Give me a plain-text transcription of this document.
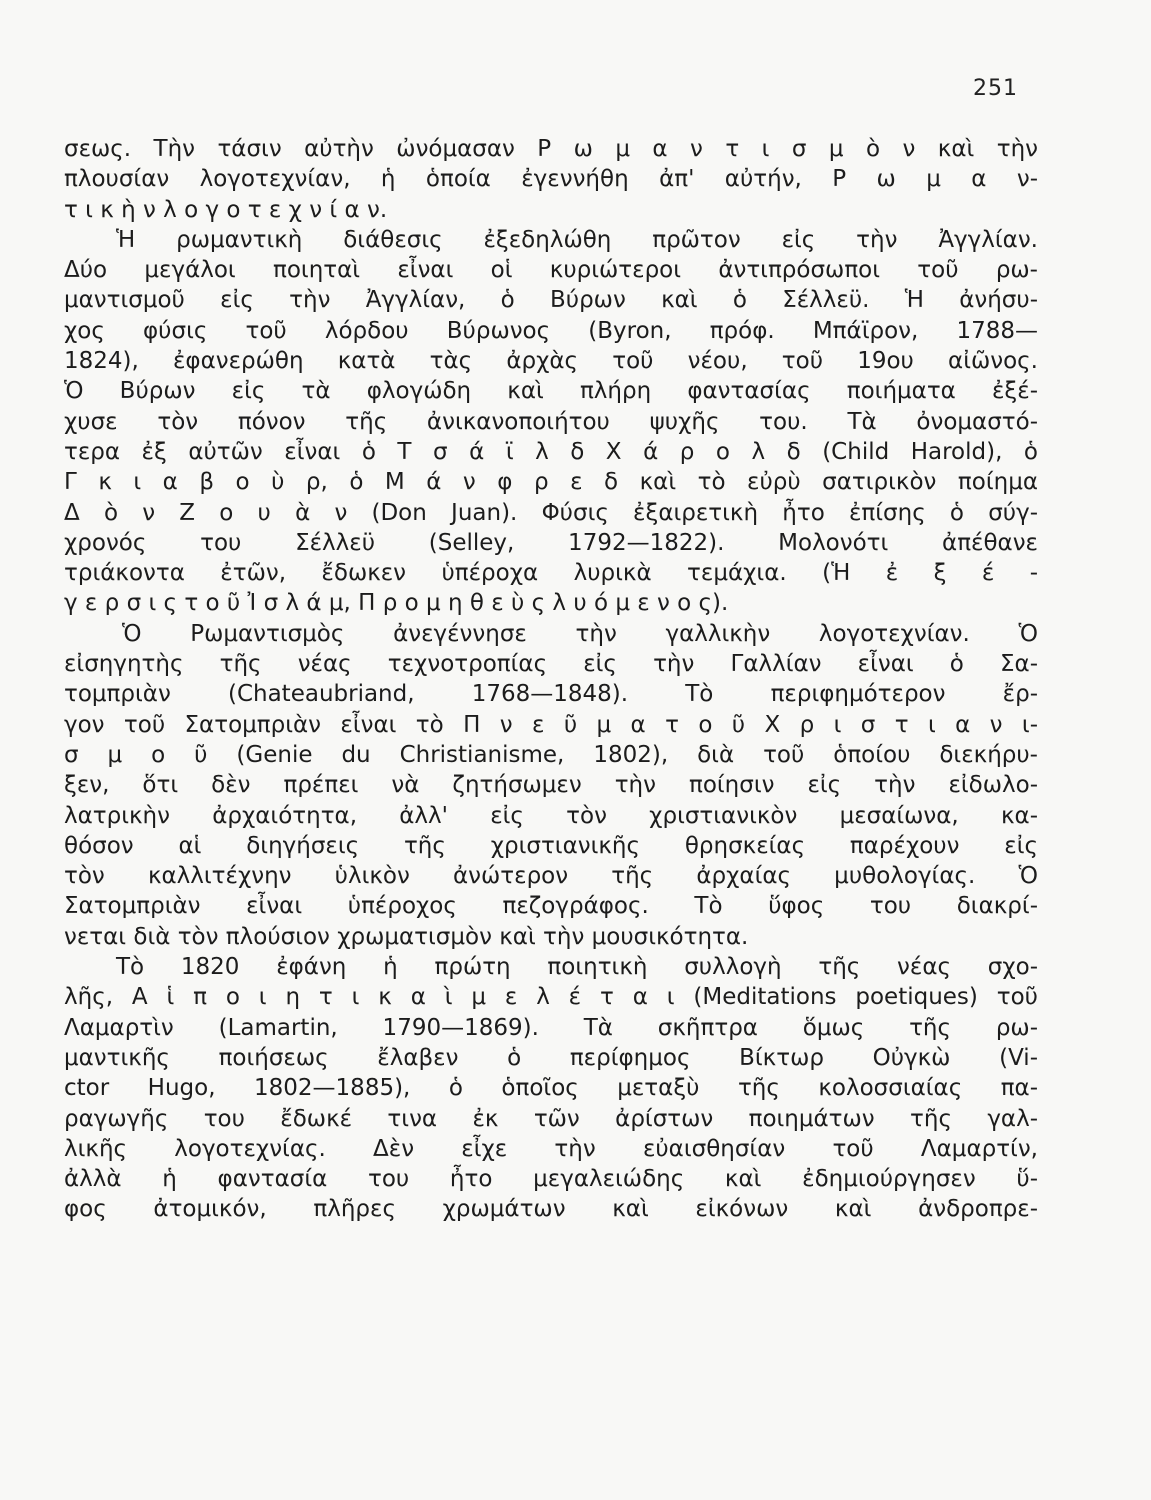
251
σεως. Τὴν τάσιν αὐτὴν ὠνόμασαν Ρ ω μ α ν τ ι σ μ ὸ ν καὶ τὴν
πλουσίαν λογοτεχνίαν, ἡ ὁποία ἐγεννήθη ἀπ' αὐτήν, Ρ ω μ α ν-
τ ι κ ὴ ν λ ο γ ο τ ε χ ν ί α ν.
Ἡ ρωμαντικὴ διάθεσις ἐξεδηλώθη πρῶτον εἰς τὴν Ἀγγλίαν.
Δύο μεγάλοι ποιηταὶ εἶναι οἱ κυριώτεροι ἀντιπρόσωποι τοῦ ρω-
μαντισμοῦ εἰς τὴν Ἀγγλίαν, ὁ Βύρων καὶ ὁ Σέλλεϋ. Ἡ ἀνήσυ-
χος φύσις τοῦ λόρδου Βύρωνος (Byron, πρόφ. Μπάϊρον, 1788—
1824), ἐφανερώθη κατὰ τὰς ἀρχὰς τοῦ νέου, τοῦ 19ου αἰῶνος.
Ὁ Βύρων εἰς τὰ φλογώδη καὶ πλήρη φαντασίας ποιήματα ἐξέ-
χυσε τὸν πόνον τῆς ἀνικανοποιήτου ψυχῆς του. Τὰ ὀνομαστό-
τερα ἐξ αὐτῶν εἶναι ὁ Τ σ ά ϊ λ δ Χ ά ρ ο λ δ (Child Harold), ὁ
Γ κ ι α β ο ὺ ρ, ὁ Μ ά ν φ ρ ε δ καὶ τὸ εὐρὺ σατιρικὸν ποίημα
Δ ὸ ν Ζ ο υ ὰ ν (Don Juan). Φύσις ἐξαιρετικὴ ἦτο ἐπίσης ὁ σύγ-
χρονός του Σέλλεϋ (Selley, 1792—1822). Μολονότι ἀπέθανε
τριάκοντα ἐτῶν, ἔδωκεν ὑπέροχα λυρικὰ τεμάχια. (Ἡ ἐ ξ έ -
γ ε ρ σ ι ς τ ο ῦ Ἰ σ λ ά μ, Π ρ ο μ η θ ε ὺ ς λ υ ό μ ε ν ο ς).
Ὁ Ρωμαντισμὸς ἀνεγέννησε τὴν γαλλικὴν λογοτεχνίαν. Ὁ
εἰσηγητὴς τῆς νέας τεχνοτροπίας εἰς τὴν Γαλλίαν εἶναι ὁ Σα-
τομπριὰν (Chateaubriand, 1768—1848). Τὸ περιφημότερον ἔρ-
γον τοῦ Σατομπριὰν εἶναι τὸ Π ν ε ῦ μ α τ ο ῦ Χ ρ ι σ τ ι α ν ι-
σ μ ο ῦ (Genie du Christianisme, 1802), διὰ τοῦ ὁποίου διεκήρυ-
ξεν, ὅτι δὲν πρέπει νὰ ζητήσωμεν τὴν ποίησιν εἰς τὴν εἰδωλο-
λατρικὴν ἀρχαιότητα, ἀλλ' εἰς τὸν χριστιανικὸν μεσαίωνα, κα-
θόσον αἱ διηγήσεις τῆς χριστιανικῆς θρησκείας παρέχουν εἰς
τὸν καλλιτέχνην ὑλικὸν ἀνώτερον τῆς ἀρχαίας μυθολογίας. Ὁ
Σατομπριὰν εἶναι ὑπέροχος πεζογράφος. Τὸ ὕφος του διακρί-
νεται διὰ τὸν πλούσιον χρωματισμὸν καὶ τὴν μουσικότητα.
Τὸ 1820 ἐφάνη ἡ πρώτη ποιητικὴ συλλογὴ τῆς νέας σχο-
λῆς, Α ἱ π ο ι η τ ι κ α ὶ μ ε λ έ τ α ι (Meditations poetiques) τοῦ
Λαμαρτὶν (Lamartin, 1790—1869). Τὰ σκῆπτρα ὅμως τῆς ρω-
μαντικῆς ποιήσεως ἔλαβεν ὁ περίφημος Βίκτωρ Οὐγκὼ (Vi-
ctor Hugo, 1802—1885), ὁ ὁποῖος μεταξὺ τῆς κολοσσιαίας πα-
ραγωγῆς του ἔδωκέ τινα ἐκ τῶν ἀρίστων ποιημάτων τῆς γαλ-
λικῆς λογοτεχνίας. Δὲν εἶχε τὴν εὐαισθησίαν τοῦ Λαμαρτίν,
ἀλλὰ ἡ φαντασία του ἦτο μεγαλειώδης καὶ ἐδημιούργησεν ὕ-
φος ἀτομικόν, πλῆρες χρωμάτων καὶ εἰκόνων καὶ ἀνδροπρε-
